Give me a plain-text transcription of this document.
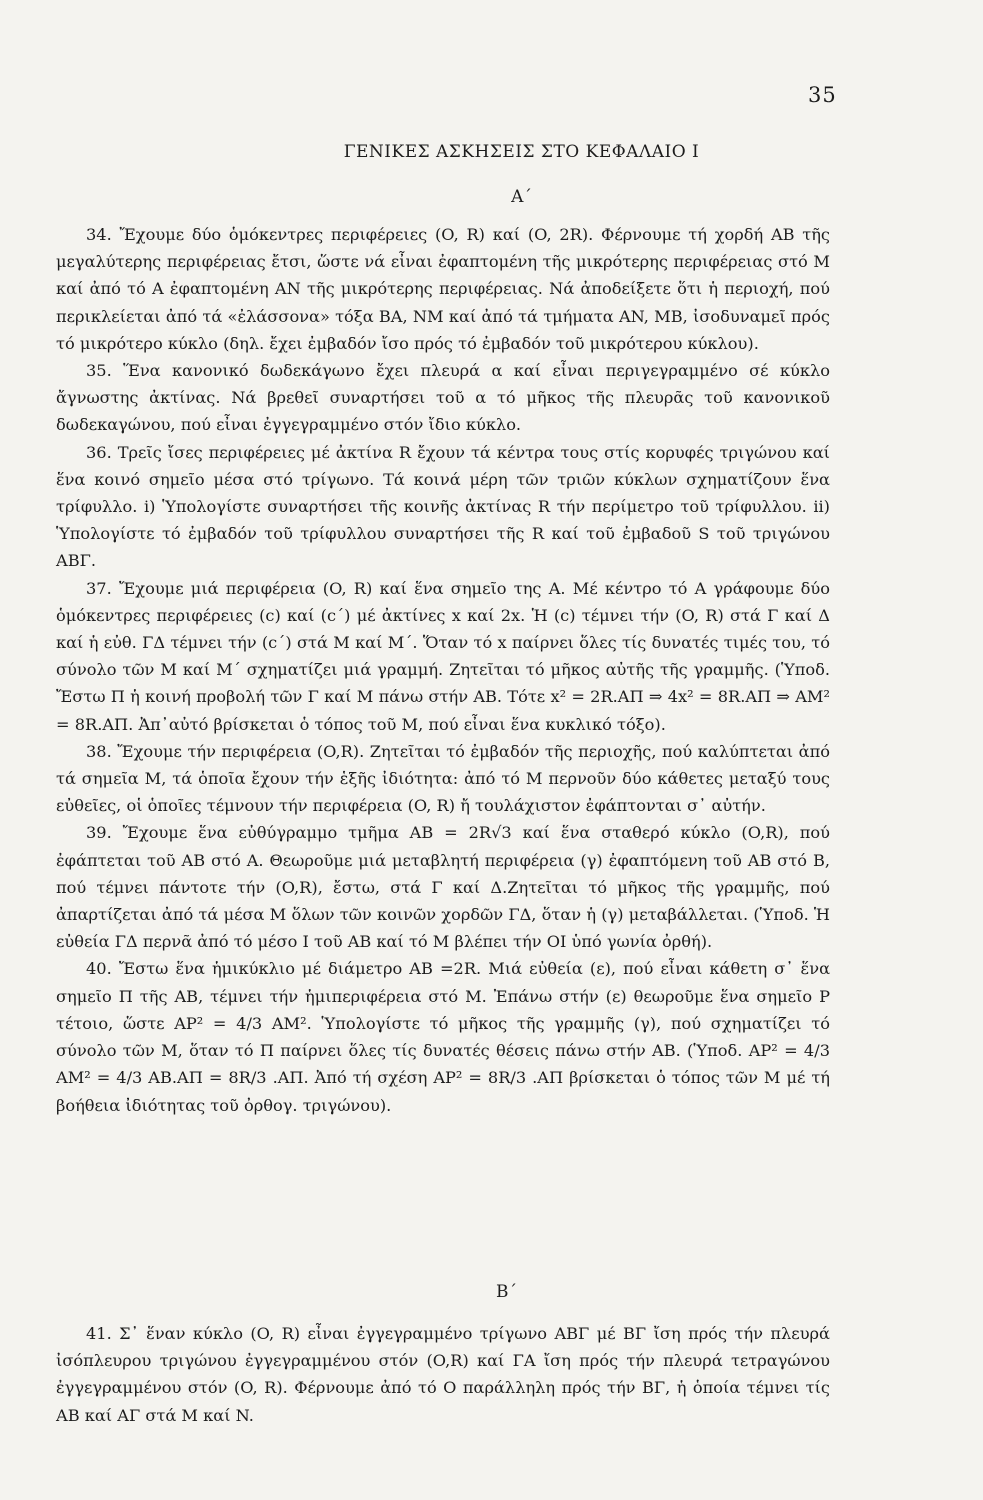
35
ΓΕΝΙΚΕΣ ΑΣΚΗΣΕΙΣ ΣΤΟ ΚΕΦΑΛΑΙΟ Ι
Α΄

34. Ἔχουμε δύο ὁμόκεντρες περιφέρειες (O, R) καί (O, 2R). Φέρνουμε τή χορδή AB τῆς μεγαλύτερης περιφέρειας ἔτσι, ὥστε νά εἶναι ἐφαπτομένη τῆς μικρότερης περιφέρειας στό M καί ἀπό τό A ἐφαπτομένη AN τῆς μικρότερης περιφέρειας. Νά ἀποδείξετε ὅτι ἡ περιοχή, πού περικλείεται ἀπό τά «ἐλάσσονα» τόξα BA, NM καί ἀπό τά τμήματα AN, MB, ἰσοδυναμεῖ πρός τό μικρότερο κύκλο (δηλ. ἔχει ἐμβαδόν ἴσο πρός τό ἐμβαδόν τοῦ μικρότερου κύκλου).

35. Ἕνα κανονικό δωδεκάγωνο ἔχει πλευρά α καί εἶναι περιγεγραμμένο σέ κύκλο ἄγνωστης ἀκτίνας. Νά βρεθεῖ συναρτήσει τοῦ α τό μῆκος τῆς πλευρᾶς τοῦ κανονικοῦ δωδεκαγώνου, πού εἶναι ἐγγεγραμμένο στόν ἴδιο κύκλο.

36. Τρεῖς ἴσες περιφέρειες μέ ἀκτίνα R ἔχουν τά κέντρα τους στίς κορυφές τριγώνου καί ἕνα κοινό σημεῖο μέσα στό τρίγωνο. Τά κοινά μέρη τῶν τριῶν κύκλων σχηματίζουν ἕνα τρίφυλλο. i) Ὑπολογίστε συναρτήσει τῆς κοινῆς ἀκτίνας R τήν περίμετρο τοῦ τρίφυλλου. ii) Ὑπολογίστε τό ἐμβαδόν τοῦ τρίφυλλου συναρτήσει τῆς R καί τοῦ ἐμβαδοῦ S τοῦ τριγώνου ΑΒΓ.

37. Ἔχουμε μιά περιφέρεια (O, R) καί ἕνα σημεῖο της A. Μέ κέντρο τό A γράφουμε δύο ὁμόκεντρες περιφέρειες (c) καί (c΄) μέ ἀκτίνες x καί 2x. Ἡ (c) τέμνει τήν (O, R) στά Γ καί Δ καί ἡ εὐθ. ΓΔ τέμνει τήν (c΄) στά M καί M΄. Ὅταν τό x παίρνει ὅλες τίς δυνατές τιμές του, τό σύνολο τῶν M καί M΄ σχηματίζει μιά γραμμή. Ζητεῖται τό μῆκος αὐτῆς τῆς γραμμῆς. (Ὑποδ. Ἔστω Π ἡ κοινή προβολή τῶν Γ καί M πάνω στήν AB. Τότε x² = 2R.AΠ ⇒ 4x² = 8R.AΠ ⇒ AM² = 8R.AΠ. Ἀπ᾽αὐτό βρίσκεται ὁ τόπος τοῦ M, πού εἶναι ἕνα κυκλικό τόξο).

38. Ἔχουμε τήν περιφέρεια (O,R). Ζητεῖται τό ἐμβαδόν τῆς περιοχῆς, πού καλύπτεται ἀπό τά σημεῖα M, τά ὁποῖα ἔχουν τήν ἑξῆς ἰδιότητα: ἀπό τό M περνοῦν δύο κάθετες μεταξύ τους εὐθεῖες, οἱ ὁποῖες τέμνουν τήν περιφέρεια (O, R) ἤ τουλάχιστον ἐφάπτονται σ᾽ αὐτήν.

39. Ἔχουμε ἕνα εὐθύγραμμο τμῆμα AB = 2R√3 καί ἕνα σταθερό κύκλο (O,R), πού ἐφάπτεται τοῦ AB στό A. Θεωροῦμε μιά μεταβλητή περιφέρεια (γ) ἐφαπτόμενη τοῦ AB στό B, πού τέμνει πάντοτε τήν (O,R), ἔστω, στά Γ καί Δ.Ζητεῖται τό μῆκος τῆς γραμμῆς, πού ἀπαρτίζεται ἀπό τά μέσα M ὅλων τῶν κοινῶν χορδῶν ΓΔ, ὅταν ἡ (γ) μεταβάλλεται. (Ὑποδ. Ἡ εὐθεία ΓΔ περνᾶ ἀπό τό μέσο I τοῦ AB καί τό M βλέπει τήν OI ὑπό γωνία ὀρθή).

40. Ἔστω ἕνα ἡμικύκλιο μέ διάμετρο AB =2R. Μιά εὐθεία (ε), πού εἶναι κάθετη σ᾽ ἕνα σημεῖο Π τῆς AB, τέμνει τήν ἡμιπεριφέρεια στό M. Ἐπάνω στήν (ε) θεωροῦμε ἕνα σημεῖο P τέτοιο, ὥστε AP² = 4/3 AM². Ὑπολογίστε τό μῆκος τῆς γραμμῆς (γ), πού σχηματίζει τό σύνολο τῶν M, ὅταν τό Π παίρνει ὅλες τίς δυνατές θέσεις πάνω στήν AB. (Ὑποδ. AP² = 4/3 AM² = 4/3 AB.AΠ = 8R/3 .AΠ. Ἀπό τή σχέση AP² = 8R/3 .AΠ βρίσκεται ὁ τόπος τῶν M μέ τή βοήθεια ἰδιότητας τοῦ ὀρθογ. τριγώνου).

Β΄

41. Σ᾽ ἕναν κύκλο (O, R) εἶναι ἐγγεγραμμένο τρίγωνο ΑΒΓ μέ ΒΓ ἴση πρός τήν πλευρά ἰσόπλευρου τριγώνου ἐγγεγραμμένου στόν (O,R) καί ΓΑ ἴση πρός τήν πλευρά τετραγώνου ἐγγεγραμμένου στόν (O, R). Φέρνουμε ἀπό τό O παράλληλη πρός τήν ΒΓ, ἡ ὁποία τέμνει τίς AB καί ΑΓ στά M καί N.
